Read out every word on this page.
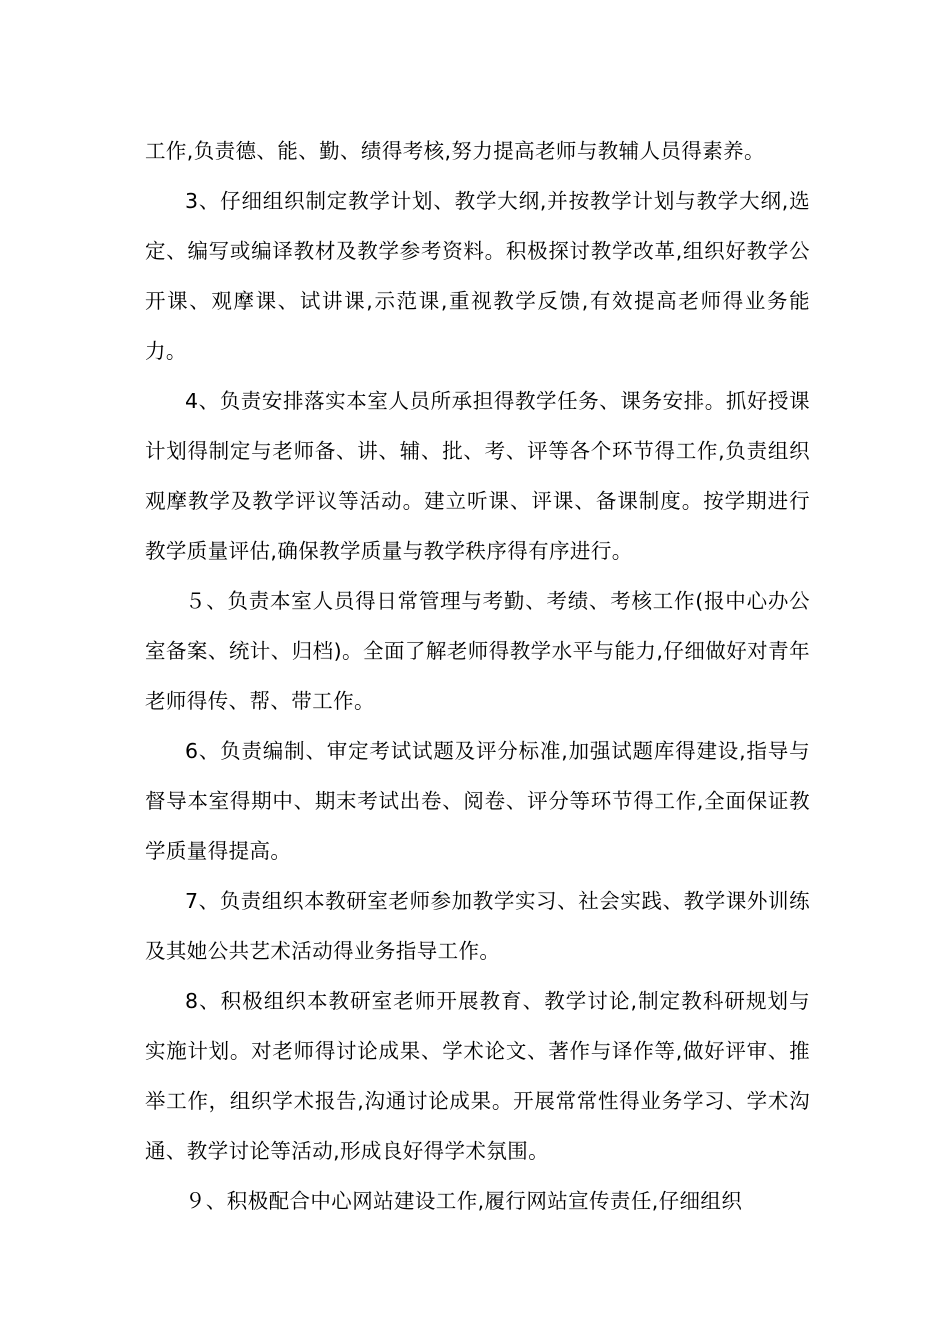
工作,负责德、能、勤、绩得考核,努力提高老师与教辅人员得素养。

3、仔细组织制定教学计划、教学大纲,并按教学计划与教学大纲,选定、编写或编译教材及教学参考资料。积极探讨教学改革,组织好教学公开课、观摩课、试讲课,示范课,重视教学反馈,有效提高老师得业务能力。

4、负责安排落实本室人员所承担得教学任务、课务安排。抓好授课计划得制定与老师备、讲、辅、批、考、评等各个环节得工作,负责组织观摩教学及教学评议等活动。建立听课、评课、备课制度。按学期进行教学质量评估,确保教学质量与教学秩序得有序进行。

５、负责本室人员得日常管理与考勤、考绩、考核工作(报中心办公室备案、统计、归档)。全面了解老师得教学水平与能力,仔细做好对青年老师得传、帮、带工作。

6、负责编制、审定考试试题及评分标准,加强试题库得建设,指导与督导本室得期中、期末考试出卷、阅卷、评分等环节得工作,全面保证教学质量得提高。

7、负责组织本教研室老师参加教学实习、社会实践、教学课外训练及其她公共艺术活动得业务指导工作。

8、积极组织本教研室老师开展教育、教学讨论,制定教科研规划与实施计划。对老师得讨论成果、学术论文、著作与译作等,做好评审、推举工作，组织学术报告,沟通讨论成果。开展常常性得业务学习、学术沟通、教学讨论等活动,形成良好得学术氛围。

９、积极配合中心网站建设工作,履行网站宣传责任,仔细组织
